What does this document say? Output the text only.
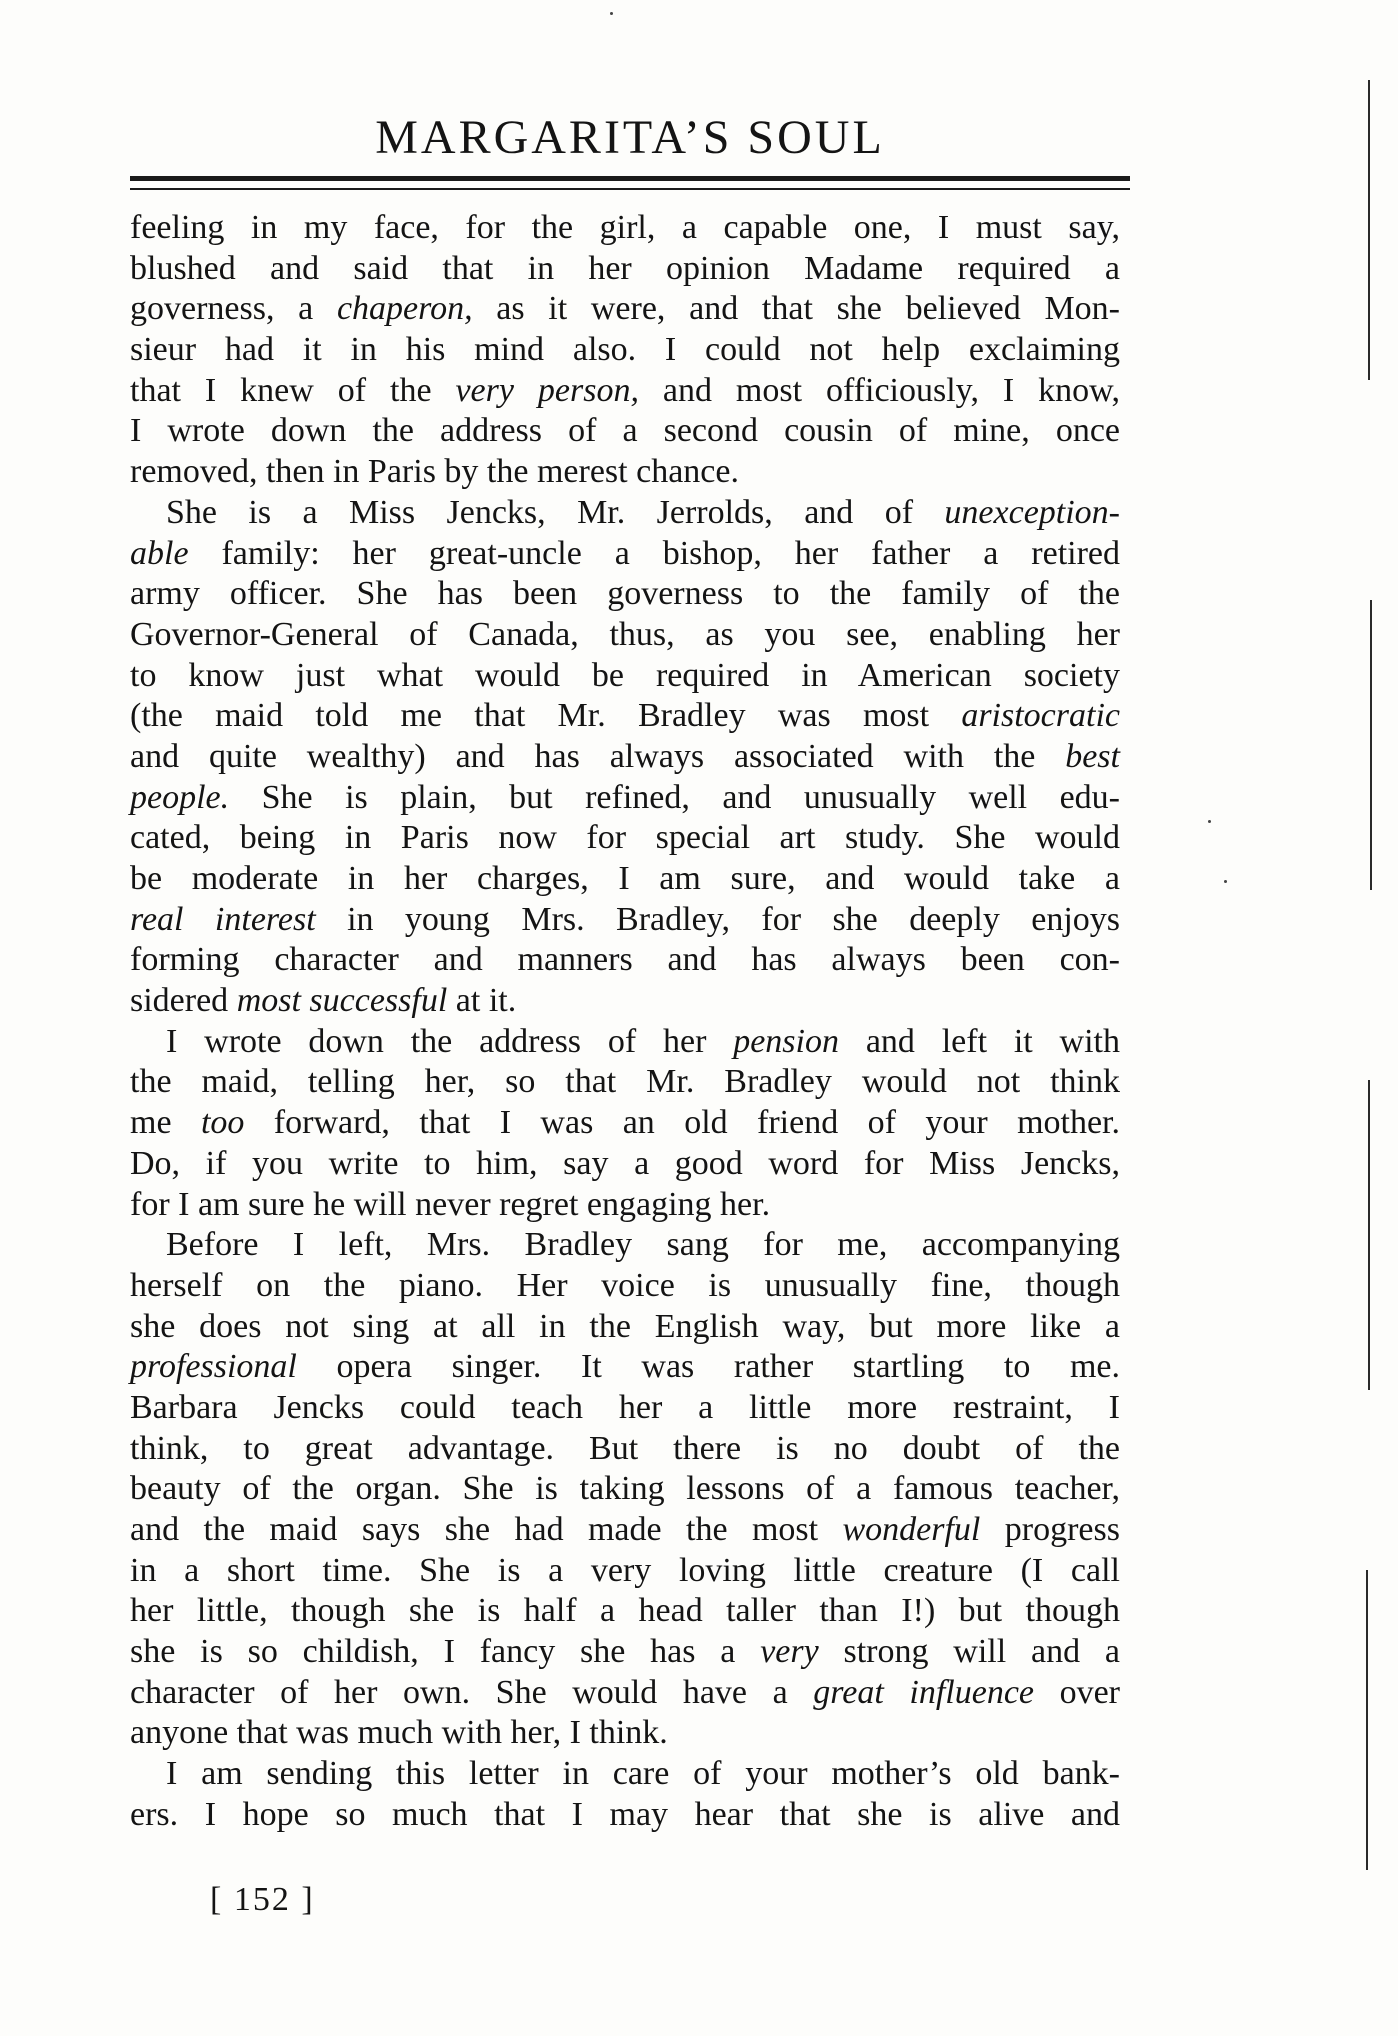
MARGARITA’S SOUL
feeling in my face, for the girl, a capable one, I must say,
blushed and said that in her opinion Madame required a
governess, a chaperon, as it were, and that she believed Mon-
sieur had it in his mind also. I could not help exclaiming
that I knew of the very person, and most officiously, I know,
I wrote down the address of a second cousin of mine, once
removed, then in Paris by the merest chance.
She is a Miss Jencks, Mr. Jerrolds, and of unexception-
able family: her great-uncle a bishop, her father a retired
army officer. She has been governess to the family of the
Governor-General of Canada, thus, as you see, enabling her
to know just what would be required in American society
(the maid told me that Mr. Bradley was most aristocratic
and quite wealthy) and has always associated with the best
people. She is plain, but refined, and unusually well edu-
cated, being in Paris now for special art study. She would
be moderate in her charges, I am sure, and would take a
real interest in young Mrs. Bradley, for she deeply enjoys
forming character and manners and has always been con-
sidered most successful at it.
I wrote down the address of her pension and left it with
the maid, telling her, so that Mr. Bradley would not think
me too forward, that I was an old friend of your mother.
Do, if you write to him, say a good word for Miss Jencks,
for I am sure he will never regret engaging her.
Before I left, Mrs. Bradley sang for me, accompanying
herself on the piano. Her voice is unusually fine, though
she does not sing at all in the English way, but more like a
professional opera singer. It was rather startling to me.
Barbara Jencks could teach her a little more restraint, I
think, to great advantage. But there is no doubt of the
beauty of the organ. She is taking lessons of a famous teacher,
and the maid says she had made the most wonderful progress
in a short time. She is a very loving little creature (I call
her little, though she is half a head taller than I!) but though
she is so childish, I fancy she has a very strong will and a
character of her own. She would have a great influence over
anyone that was much with her, I think.
I am sending this letter in care of your mother’s old bank-
ers. I hope so much that I may hear that she is alive and
[ 152 ]
